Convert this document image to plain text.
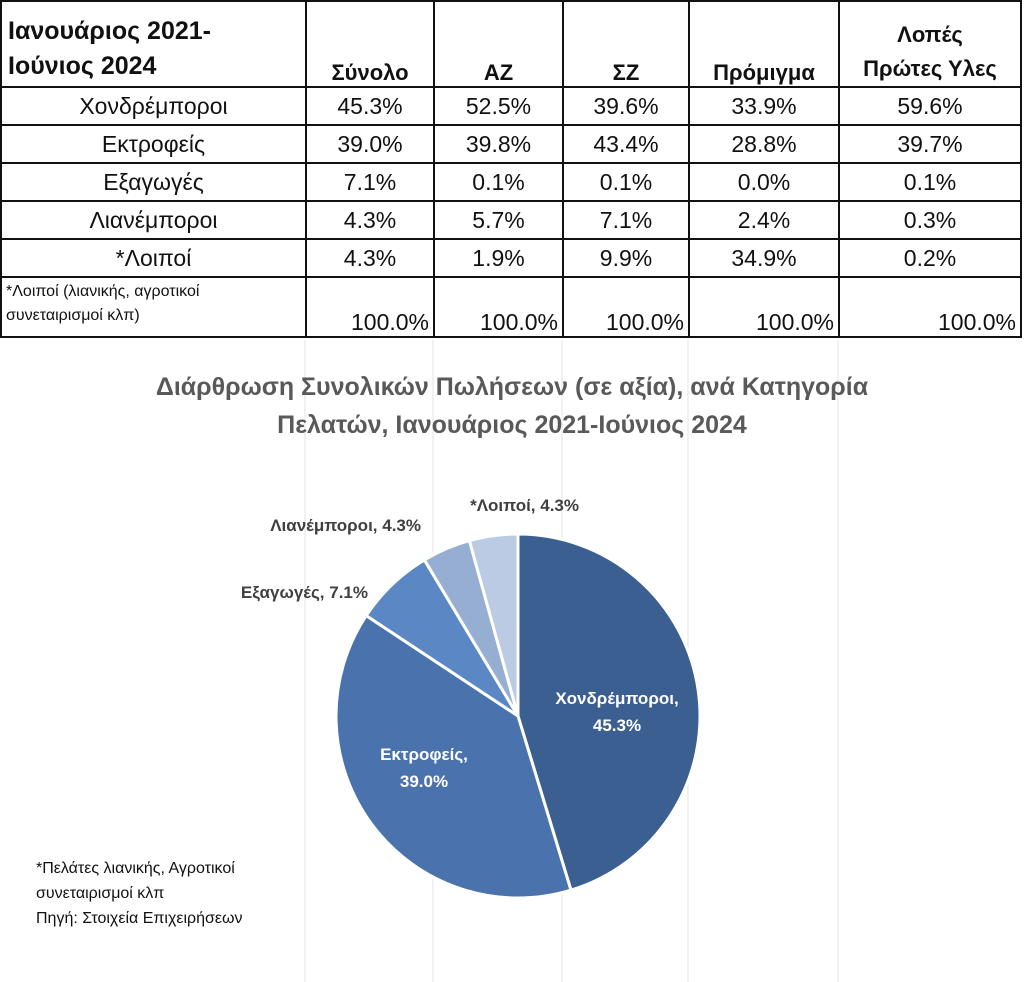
Ιανουάριος 2021-
Ιούνιος 2024	Σύνολο	ΑΖ	ΣΖ	Πρόμιγμα	Λοπές
Πρώτες Υλες
Χονδρέμποροι	45.3%	52.5%	39.6%	33.9%	59.6%
Εκτροφείς	39.0%	39.8%	43.4%	28.8%	39.7%
Εξαγωγές	7.1%	0.1%	0.1%	0.0%	0.1%
Λιανέμποροι	4.3%	5.7%	7.1%	2.4%	0.3%
*Λοιποί	4.3%	1.9%	9.9%	34.9%	0.2%
*Λοιποί (λιανικής, αγροτικοί
συνεταιρισμοί κλπ)	100.0%	100.0%	100.0%	100.0%	100.0%
Διάρθρωση Συνολικών Πωλήσεων (σε αξία), ανά Κατηγορία
Πελατών, Ιανουάριος 2021-Ιούνιος 2024
Χονδρέμποροι, 45.3%
Εκτροφείς, 39.0%
Εξαγωγές, 7.1%
Λιανέμποροι, 4.3%
*Λοιποί, 4.3%
*Πελάτες λιανικής, Αγροτικοί
συνεταιρισμοί κλπ
Πηγή: Στοιχεία Επιχειρήσεων
